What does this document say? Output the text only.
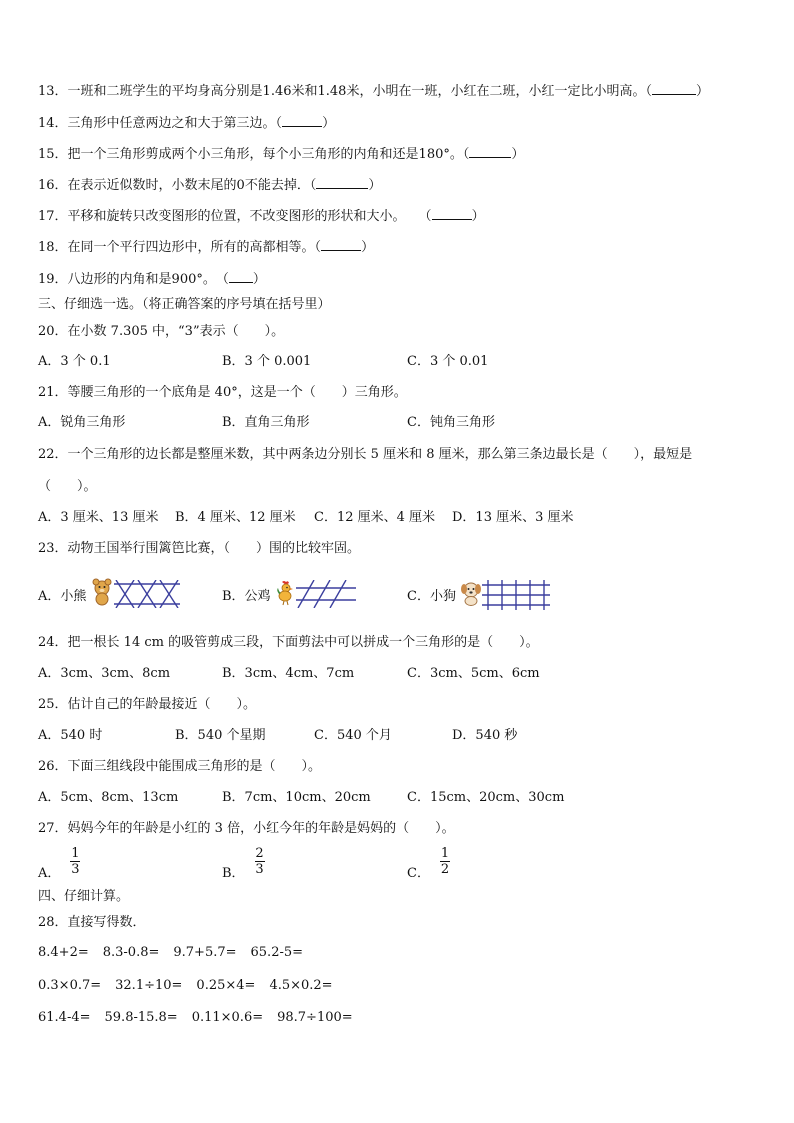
13．一班和二班学生的平均身高分别是1.46米和1.48米，小明在一班，小红在二班，小红一定比小明高。（	）
14．三角形中任意两边之和大于第三边。（	）
15．把一个三角形剪成两个小三角形，每个小三角形的内角和还是180°。（	）
16．在表示近似数时，小数末尾的0不能去掉．（	）
17．平移和旋转只改变图形的位置，不改变图形的形状和大小。　　（	）
18．在同一个平行四边形中，所有的高都相等。（	）
19．八边形的内角和是900°。　（ ）
三、仔细选一选。（将正确答案的序号填在括号里）
20．在小数 7.305 中，“3”表示（　　）。
A．3 个 0.1	B．3 个 0.001	C．3 个 0.01
21．等腰三角形的一个底角是 40°，这是一个（　　）三角形。
A．锐角三角形	B．直角三角形	C．钝角三角形
22．一个三角形的边长都是整厘米数，其中两条边分别长 5 厘米和 8 厘米，那么第三条边最长是（　　），最短是
（　　）。
A．3 厘米、13 厘米 B．4 厘米、12 厘米 C．12 厘米、4 厘米 D．13 厘米、3 厘米
23．动物王国举行围篱笆比赛，（　　）围的比较牢固。
A．小熊	B．公鸡	C．小狗
24．把一根长 14 cm 的吸管剪成三段，下面剪法中可以拼成一个三角形的是（　　）。
A．3cm、3cm、8cm	B．3cm、4cm、7cm	C．3cm、5cm、6cm
25．估计自己的年龄最接近（　　）。
A．540 时	B．540 个星期	C．540 个月	D．540 秒
26．下面三组线段中能围成三角形的是（　　）。
A．5cm、8cm、13cm	B．7cm、10cm、20cm	C．15cm、20cm、30cm
27．妈妈今年的年龄是小红的 3 倍，小红今年的年龄是妈妈的（　　）。
A． $\frac{1}{3}$	B． $\frac{2}{3}$	C． $\frac{1}{2}$
四、仔细计算。
28．直接写得数．
8.4+2= 8.3-0.8= 9.7+5.7= 65.2-5=
0.3×0.7= 32.1÷10= 0.25×4= 4.5×0.2=
61.4-4= 59.8-15.8= 0.11×0.6= 98.7÷100=
